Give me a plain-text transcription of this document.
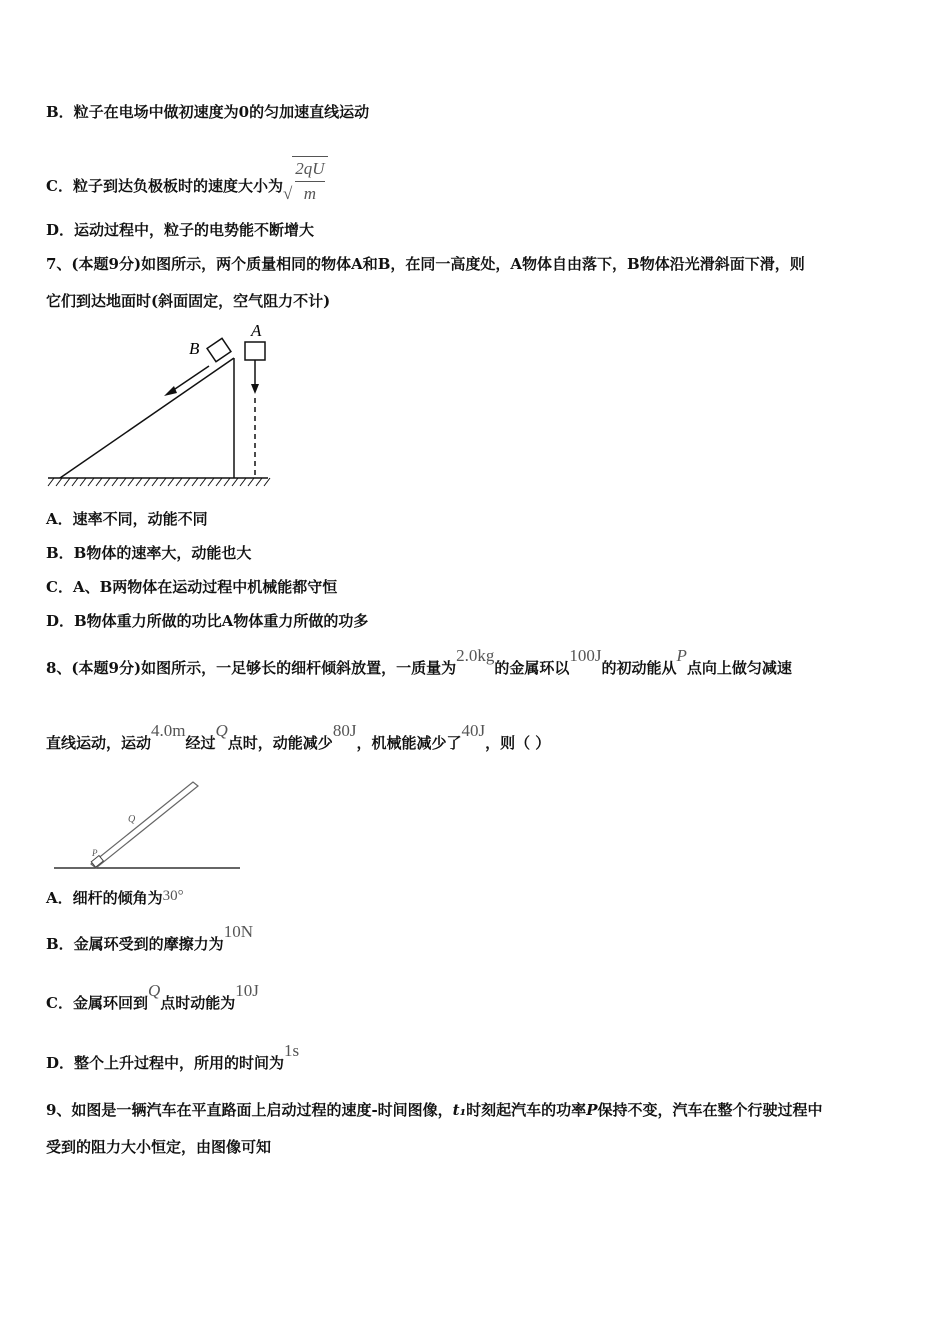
B．粒子在电场中做初速度为0的匀加速直线运动
C．粒子到达负极板时的速度大小为√ $\frac{2qU}{m}$
D．运动过程中，粒子的电势能不断增大
7、(本题9分)如图所示，两个质量相同的物体A和B，在同一高度处，A物体自由落下，B物体沿光滑斜面下滑，则
它们到达地面时(斜面固定，空气阻力不计)
A
B
A．速率不同，动能不同
B．B物体的速率大，动能也大
C．A、B两物体在运动过程中机械能都守恒
D．B物体重力所做的功比A物体重力所做的功多
8、(本题9分)如图所示，一足够长的细杆倾斜放置，一质量为2.0kg的金属环以100J的初动能从P点向上做匀减速
直线运动，运动4.0m经过Q点时，动能减少80J，机械能减少了40J，则（ ）
Q
P
A．细杆的倾角为30°
B．金属环受到的摩擦力为10N
C．金属环回到Q点时动能为10J
D．整个上升过程中，所用的时间为1s
9、如图是一辆汽车在平直路面上启动过程的速度-时间图像，t₁时刻起汽车的功率P保持不变，汽车在整个行驶过程中
受到的阻力大小恒定，由图像可知
